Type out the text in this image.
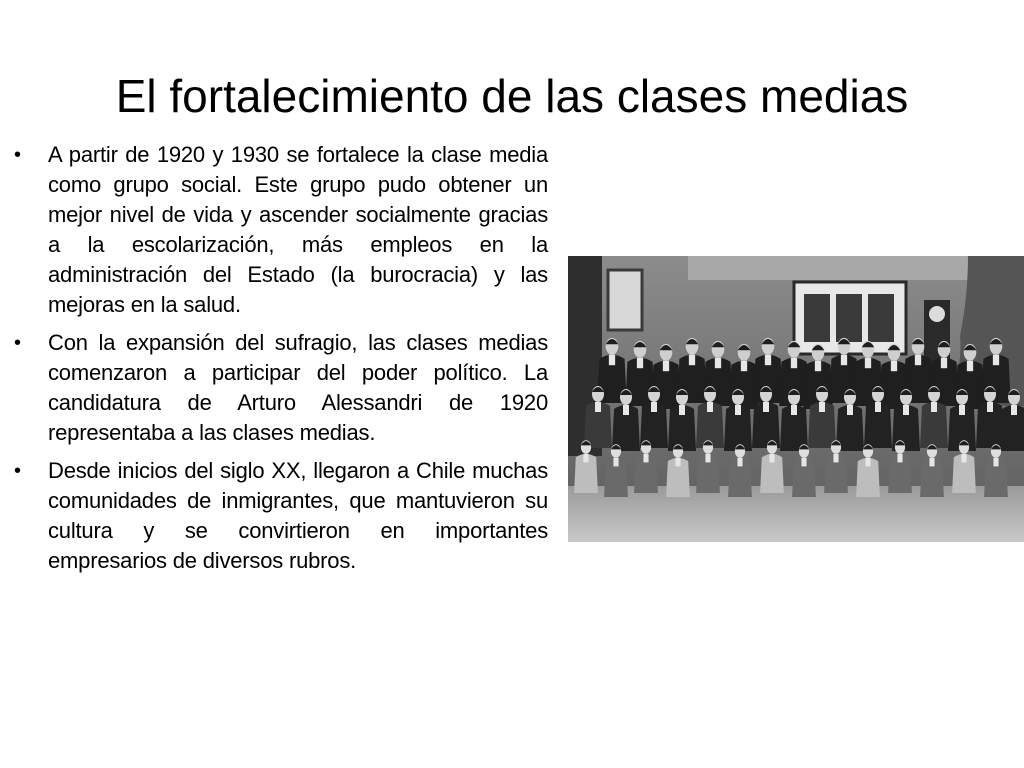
El fortalecimiento de las clases medias
• A partir de 1920 y 1930 se fortalece la clase media como grupo social. Este grupo pudo obtener un mejor nivel de vida y ascender socialmente gracias a la escolarización, más empleos en la administración del Estado (la burocracia) y las mejoras en la salud.
• Con la expansión del sufragio, las clases medias comenzaron a participar del poder político. La candidatura de Arturo Alessandri de 1920 representaba a las clases medias.
• Desde inicios del siglo XX, llegaron a Chile muchas comunidades de inmigrantes, que mantuvieron su cultura y se convirtieron en importantes empresarios de diversos rubros.
